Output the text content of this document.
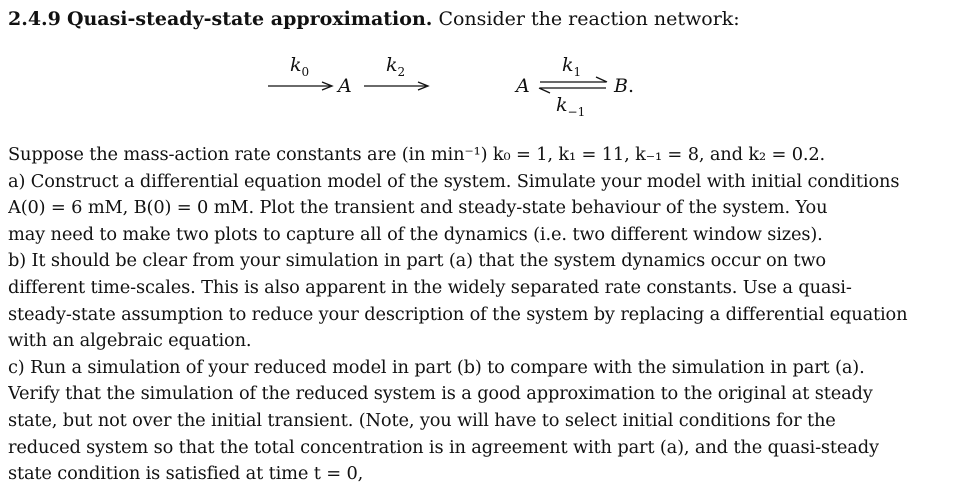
2.4.9 Quasi-steady-state approximation. Consider the reaction network:
$k_0$
A
$k_2$
A
$k_1$
$k_{-1}$
B.
Suppose the mass-action rate constants are (in min⁻¹) k₀ = 1, k₁ = 11, k₋₁ = 8, and k₂ = 0.2.
a) Construct a differential equation model of the system. Simulate your model with initial conditions
A(0) = 6 mM, B(0) = 0 mM. Plot the transient and steady-state behaviour of the system. You
may need to make two plots to capture all of the dynamics (i.e. two different window sizes).
b) It should be clear from your simulation in part (a) that the system dynamics occur on two
different time-scales. This is also apparent in the widely separated rate constants. Use a quasi-
steady-state assumption to reduce your description of the system by replacing a differential equation
with an algebraic equation.
c) Run a simulation of your reduced model in part (b) to compare with the simulation in part (a).
Verify that the simulation of the reduced system is a good approximation to the original at steady
state, but not over the initial transient. (Note, you will have to select initial conditions for the
reduced system so that the total concentration is in agreement with part (a), and the quasi-steady
state condition is satisfied at time t = 0,
